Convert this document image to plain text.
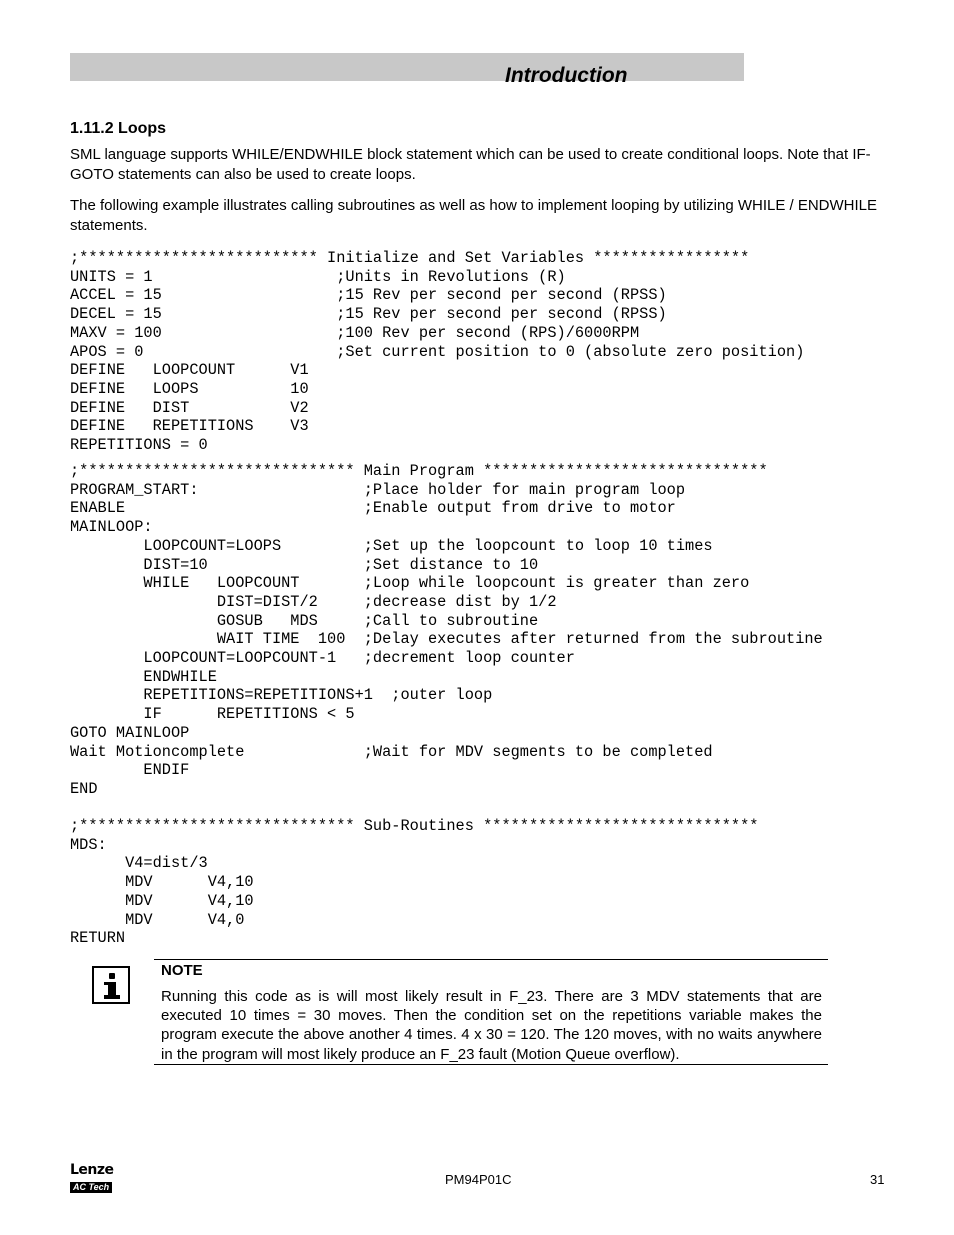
Introduction
1.11.2 Loops

SML language supports WHILE/ENDWHILE block statement which can be used to create conditional loops. Note that IF-GOTO statements can also be used to create loops.

The following example illustrates calling subroutines as well as how to implement looping by utilizing WHILE / ENDWHILE statements.

;************************** Initialize and Set Variables *****************
UNITS = 1                    ;Units in Revolutions (R)
ACCEL = 15                   ;15 Rev per second per second (RPSS)
DECEL = 15                   ;15 Rev per second per second (RPSS)
MAXV = 100                   ;100 Rev per second (RPS)/6000RPM
APOS = 0                     ;Set current position to 0 (absolute zero position)
DEFINE   LOOPCOUNT      V1
DEFINE   LOOPS          10
DEFINE   DIST           V2
DEFINE   REPETITIONS    V3
REPETITIONS = 0
;****************************** Main Program *******************************
PROGRAM_START:                  ;Place holder for main program loop
ENABLE                          ;Enable output from drive to motor
MAINLOOP:
LOOPCOUNT=LOOPS         ;Set up the loopcount to loop 10 times
DIST=10                 ;Set distance to 10
WHILE   LOOPCOUNT       ;Loop while loopcount is greater than zero
DIST=DIST/2     ;decrease dist by 1/2
GOSUB   MDS     ;Call to subroutine
WAIT TIME  100  ;Delay executes after returned from the subroutine
LOOPCOUNT=LOOPCOUNT-1   ;decrement loop counter
ENDWHILE
REPETITIONS=REPETITIONS+1  ;outer loop
IF      REPETITIONS < 5
GOTO MAINLOOP
Wait Motioncomplete             ;Wait for MDV segments to be completed
ENDIF
END
;****************************** Sub-Routines ******************************
MDS:
V4=dist/3
MDV      V4,10
MDV      V4,10
MDV      V4,0
RETURN
NOTE

Running this code as is will most likely result in F_23. There are 3 MDV statements that are executed 10 times = 30 moves. Then the condition set on the repetitions variable makes the program execute the above another 4 times. 4 x 30 = 120. The 120 moves, with no waits anywhere in the program will most likely produce an F_23 fault (Motion Queue overflow).

Lenze
AC Tech	PM94P01C	31
